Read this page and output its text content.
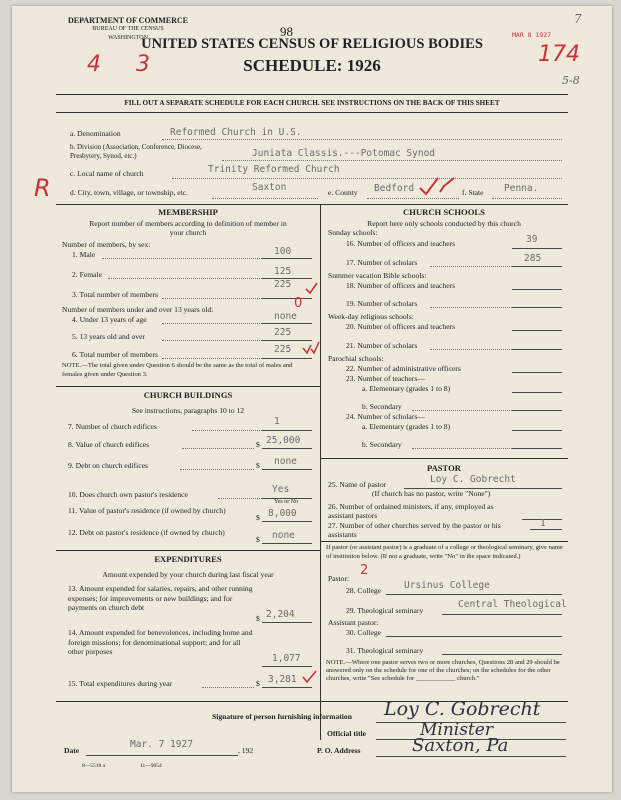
DEPARTMENT OF COMMERCE
BUREAU OF THE CENSUS
WASHINGTON	98
7
MAR 8 1927
174
5-8
UNITED STATES CENSUS OF RELIGIOUS BODIES
SCHEDULE: 1926
4 3
FILL OUT A SEPARATE SCHEDULE FOR EACH CHURCH. SEE INSTRUCTIONS ON THE BACK OF THIS SHEET
a. Denomination	Reformed Church in U.S.
b. Division (Association, Conference, Diocese, Presbytery, Synod, etc.)	Juniata Classis.---Potomac Synod
c. Local name of church	Trinity Reformed Church
R	d. City, town, village, or township, etc.	Saxton	e. County Bedford	f. State Penna.
MEMBERSHIP
Report number of members according to definition of member in your church
Number of members, by sex:
1. Male	100
2. Female	125
3. Total number of members
225
Number of members under and over 13 years old:	0
4. Under 13 years of age	none
5. 13 years old and over	225
6. Total number of members	225
NOTE.—The total given under Question 6 should be the same as the total of males and females given under Question 3.
CHURCH BUILDINGS
See instructions, paragraphs 10 to 12
7. Number of church edifices	1
8. Value of church edifices	$ 25,000
9. Debt on church edifices	$ none
10. Does church own pastor's residence	Yes
Yes or No
11. Value of pastor's residence (if owned by church)
$ 8,000
12. Debt on pastor's residence (if owned by church)
$ none
EXPENDITURES
Amount expended by your church during last fiscal year
13. Amount expended for salaries, repairs, and other running expenses; for improvements or new buildings; and for payments on church debt
$ 2,204
14. Amount expended for benevolences, including home and foreign missions; for denominational support; and for all other purposes
1,077
15. Total expenditures during year	$ 3,281
CHURCH SCHOOLS
Report here only schools conducted by this church
Sunday schools:
16. Number of officers and teachers	39
17. Number of scholars	285
Summer vacation Bible schools:
18. Number of officers and teachers
19. Number of scholars
Week-day religious schools:
20. Number of officers and teachers
21. Number of scholars
Parochial schools:
22. Number of administrative officers
23. Number of teachers—
a. Elementary (grades 1 to 8)
b. Secondary
24. Number of scholars—
a. Elementary (grades 1 to 8)
b. Secondary
PASTOR
25. Name of pastor	Loy C. Gobrecht
(If church has no pastor, write "None")
26. Number of ordained ministers, if any, employed as assistant pastors
27. Number of other churches served by the pastor or his assistants
1
If pastor (or assistant pastor) is a graduate of a college or theological seminary, give name of institution below. (If not a graduate, write "No" in the space indicated.)
Pastor:
2
28. College Ursinus College
29. Theological seminary
Central Theological
Assistant pastor:
30. College
31. Theological seminary
NOTE.—Where one pastor serves two or more churches, Questions 28 and 29 should be answered only on the schedule for one of the churches; on the schedules for the other churches, write "See schedule for ____________ church."
Signature of person furnishing information Loy C. Gobrecht
Official title	Minister
Date
Mar. 7 1927
, 192	P. O. Address	Saxton, Pa
8—5518 a	11—9054
